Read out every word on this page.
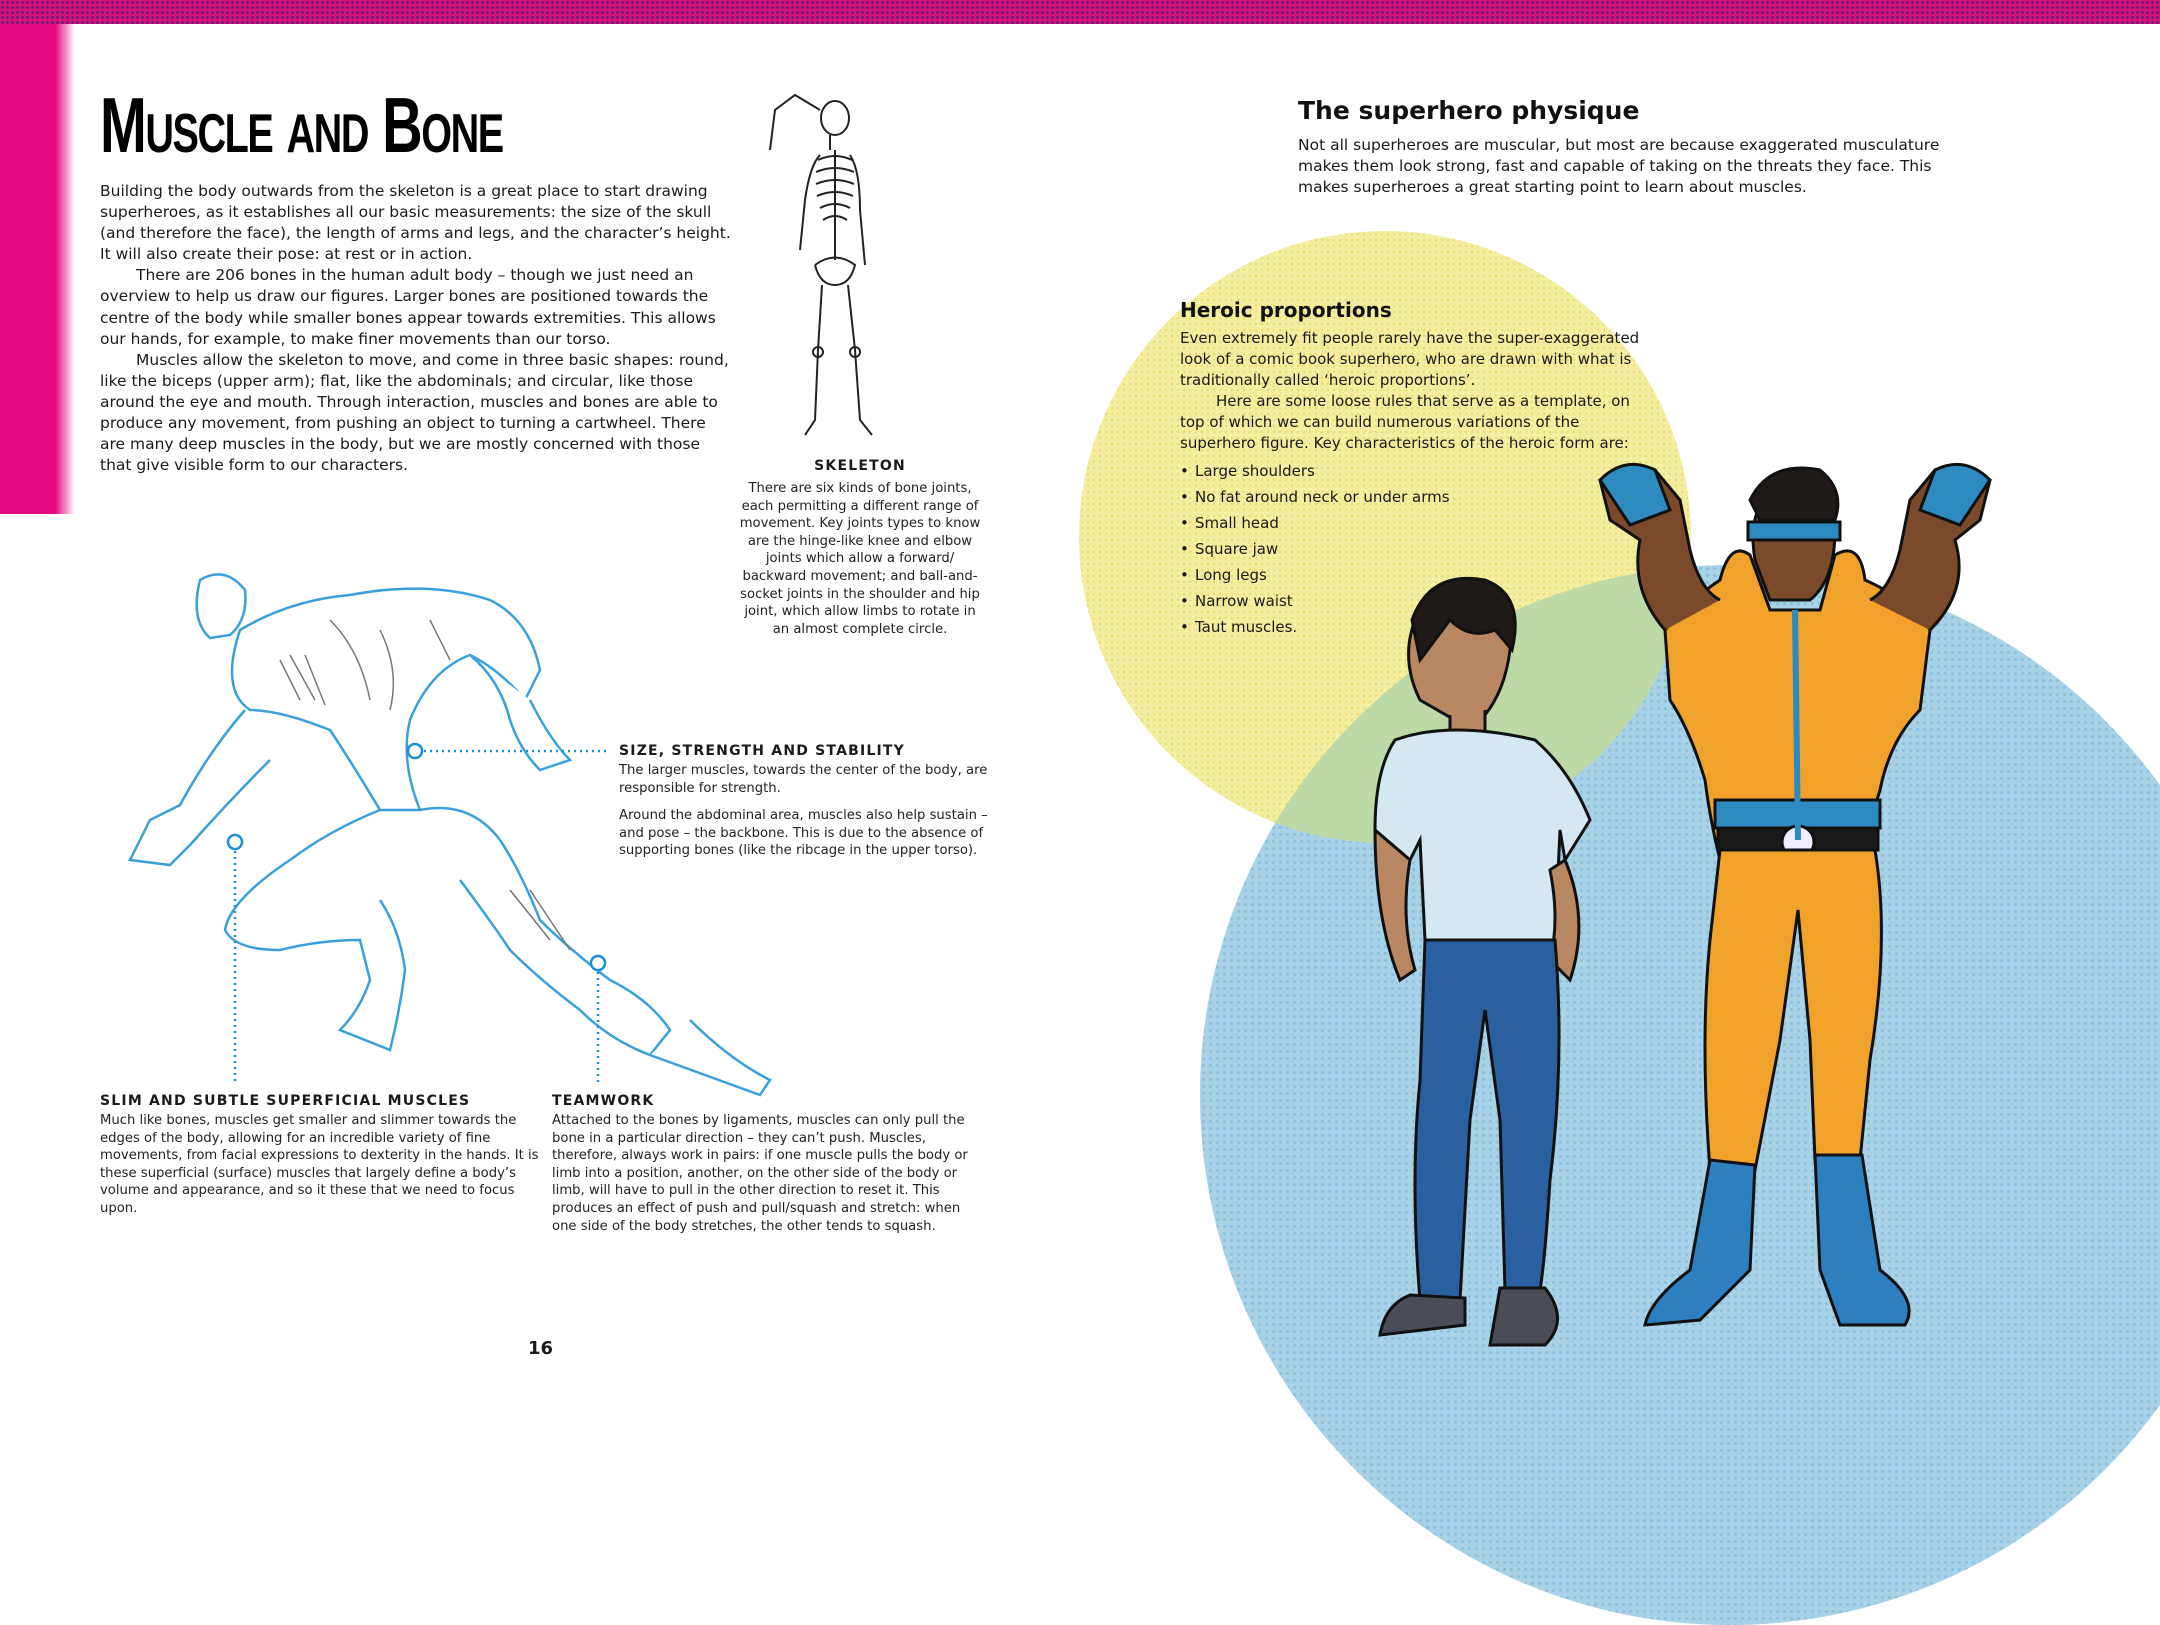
Muscle and Bone

Building the body outwards from the skeleton is a great place to start drawing superheroes, as it establishes all our basic measurements: the size of the skull (and therefore the face), the length of arms and legs, and the character’s height. It will also create their pose: at rest or in action.

There are 206 bones in the human adult body – though we just need an overview to help us draw our figures. Larger bones are positioned towards the centre of the body while smaller bones appear towards extremities. This allows our hands, for example, to make finer movements than our torso.

Muscles allow the skeleton to move, and come in three basic shapes: round, like the biceps (upper arm); flat, like the abdominals; and circular, like those around the eye and mouth. Through interaction, muscles and bones are able to produce any movement, from pushing an object to turning a cartwheel. There are many deep muscles in the body, but we are mostly concerned with those that give visible form to our characters.	SKELETON
There are six kinds of bone joints, each permitting a different range of movement. Key joints types to know are the hinge-like knee and elbow joints which allow a forward/ backward movement; and ball-and-socket joints in the shoulder and hip joint, which allow limbs to rotate in an almost complete circle.
SIZE, STRENGTH AND STABILITY

The larger muscles, towards the center of the body, are responsible for strength.

Around the abdominal area, muscles also help sustain – and pose – the backbone. This is due to the absence of supporting bones (like the ribcage in the upper torso).

SLIM AND SUBTLE SUPERFICIAL MUSCLES

Much like bones, muscles get smaller and slimmer towards the edges of the body, allowing for an incredible variety of fine movements, from facial expressions to dexterity in the hands. It is these superficial (surface) muscles that largely define a body’s volume and appearance, and so it these that we need to focus upon.

TEAMWORK

Attached to the bones by ligaments, muscles can only pull the bone in a particular direction – they can’t push. Muscles, therefore, always work in pairs: if one muscle pulls the body or limb into a position, another, on the other side of the body or limb, will have to pull in the other direction to reset it. This produces an effect of push and pull/squash and stretch: when one side of the body stretches, the other tends to squash.

16
The superhero physique
Not all superheroes are muscular, but most are because exaggerated musculature makes them look strong, fast and capable of taking on the threats they face. This makes superheroes a great starting point to learn about muscles.
Heroic proportions

Even extremely fit people rarely have the super-exaggerated look of a comic book superhero, who are drawn with what is traditionally called ‘heroic proportions’.

Here are some loose rules that serve as a template, on top of which we can build numerous variations of the superhero figure. Key characteristics of the heroic form are:

• Large shoulders
• No fat around neck or under arms
• Small head
• Square jaw
• Long legs
• Narrow waist
• Taut muscles.
